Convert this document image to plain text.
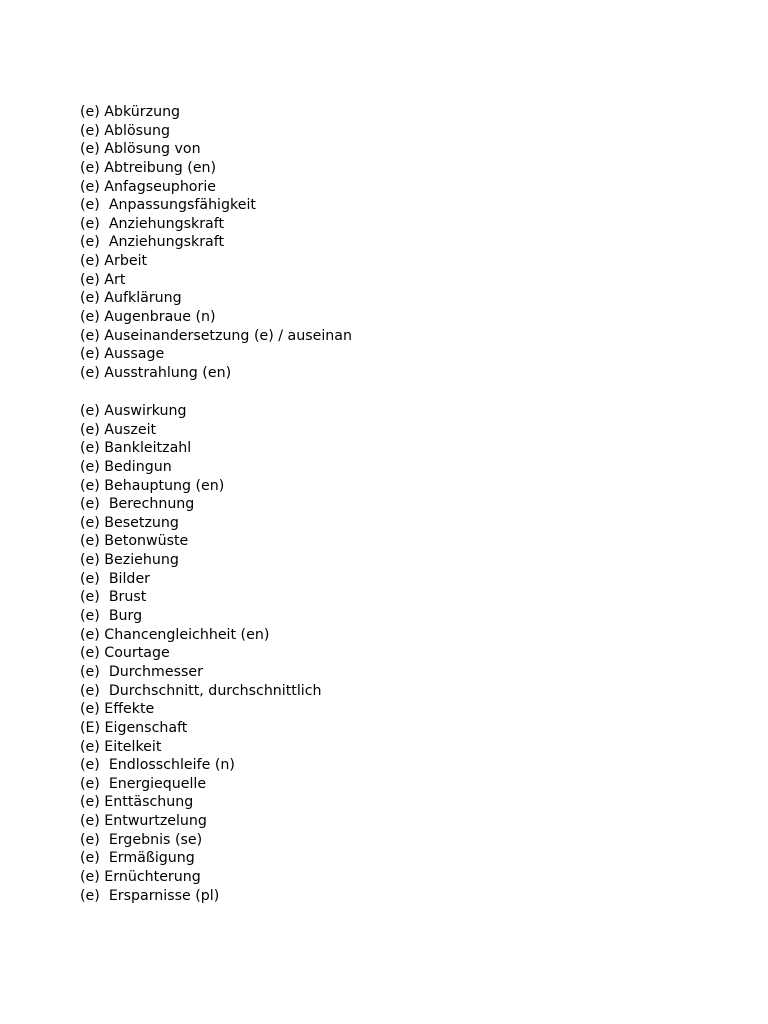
(e) Abkürzung
(e) Ablösung
(e) Ablösung von
(e) Abtreibung (en)
(e) Anfagseuphorie
(e)  Anpassungsfähigkeit
(e)  Anziehungskraft
(e)  Anziehungskraft
(e) Arbeit
(e) Art
(e) Aufklärung
(e) Augenbraue (n)
(e) Auseinandersetzung (e) / auseinan
(e) Aussage
(e) Ausstrahlung (en)
(e) Auswirkung
(e) Auszeit
(e) Bankleitzahl
(e) Bedingun
(e) Behauptung (en)
(e)  Berechnung
(e) Besetzung
(e) Betonwüste
(e) Beziehung
(e)  Bilder
(e)  Brust
(e)  Burg
(e) Chancengleichheit (en)
(e) Courtage
(e)  Durchmesser
(e)  Durchschnitt, durchschnittlich
(e) Effekte
(E) Eigenschaft
(e) Eitelkeit
(e)  Endlosschleife (n)
(e)  Energiequelle
(e) Enttäschung
(e) Entwurtzelung
(e)  Ergebnis (se)
(e)  Ermäßigung
(e) Ernüchterung
(e)  Ersparnisse (pl)
